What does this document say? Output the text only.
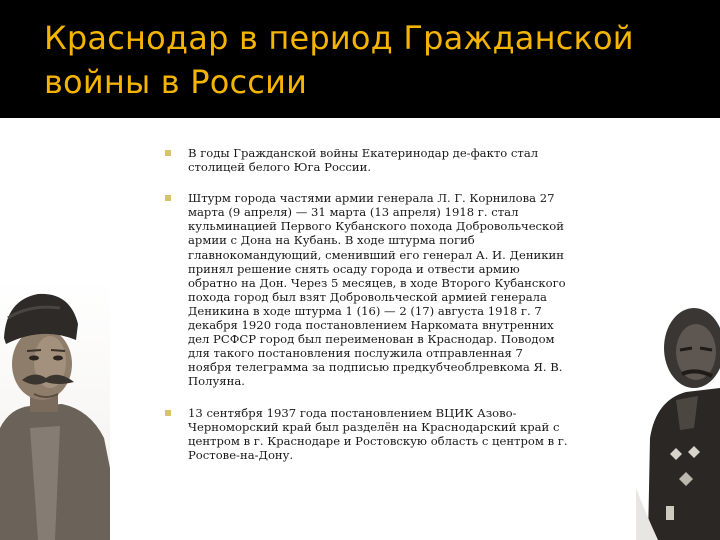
Краснодар в период Гражданской
войны в России
В годы Гражданской войны Екатеринодар де-факто стал столицей белого Юга России.
Штурм города частями армии генерала Л. Г. Корнилова 27 марта (9 апреля) — 31 марта (13 апреля) 1918 г. стал кульминацией Первого Кубанского похода Добровольческой армии с Дона на Кубань. В ходе штурма погиб главнокомандующий, сменивший его генерал А. И. Деникин принял решение снять осаду города и отвести армию обратно на Дон. Через 5 месяцев, в ходе Второго Кубанского похода город был взят Добровольческой армией генерала Деникина в ходе штурма 1 (16) — 2 (17) августа 1918 г. 7 декабря 1920 года постановлением Наркомата внутренних дел РСФСР город был переименован в Краснодар. Поводом для такого постановления послужила отправленная 7 ноября телеграмма за подписью предкубчеоблревкома Я. В. Полуяна.
13 сентября 1937 года постановлением ВЦИК Азово-Черноморский край был разделён на Краснодарский край с центром в г. Краснодаре и Ростовскую область с центром в г. Ростове-на-Дону.
